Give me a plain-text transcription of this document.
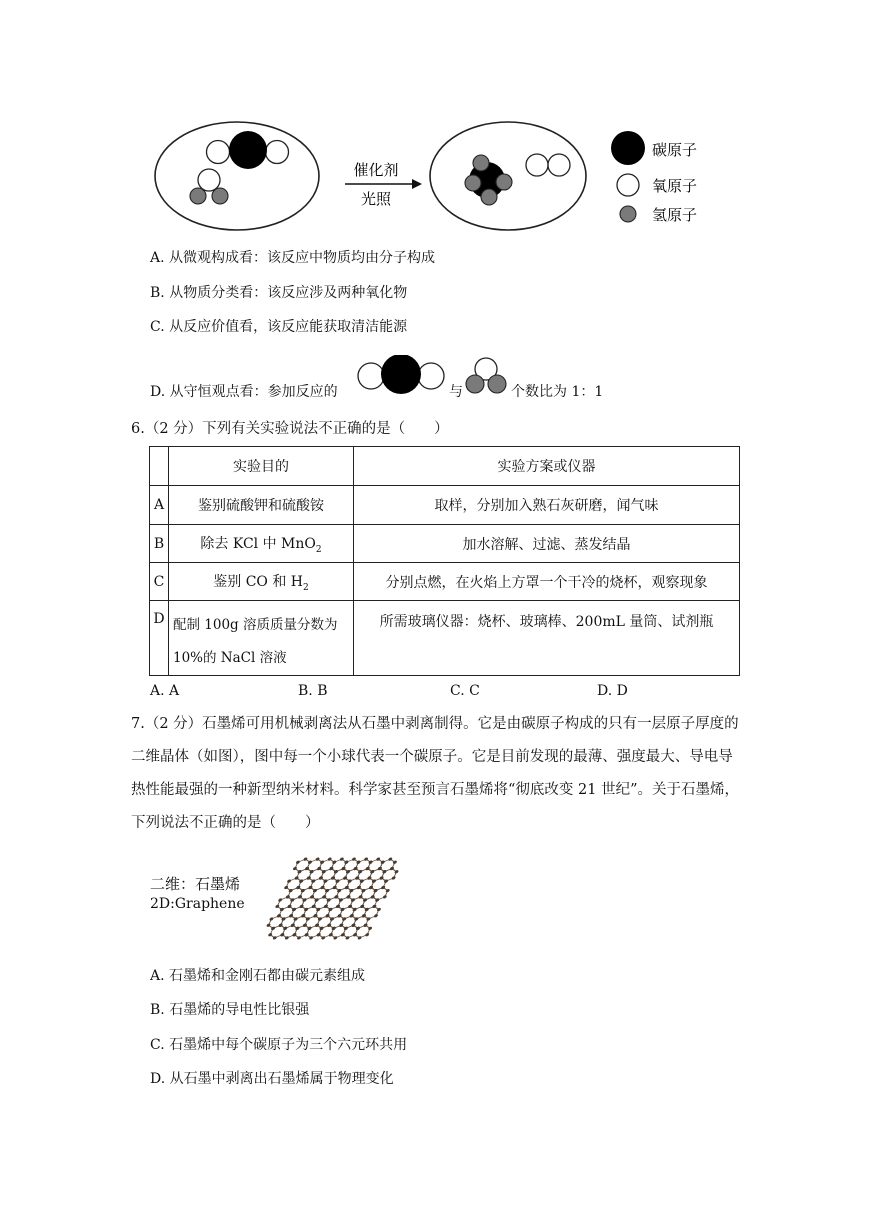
催化剂
光照
碳原子
氧原子
氢原子
A. 从微观构成看：该反应中物质均由分子构成
B. 从物质分类看：该反应涉及两种氧化物
C. 从反应价值看，该反应能获取清洁能源
D. 从守恒观点看：参加反应的	与	个数比为 1：1
6.（2 分）下列有关实验说法不正确的是（　　）
	实验目的	实验方案或仪器
A	鉴别硫酸钾和硫酸铵	取样，分别加入熟石灰研磨，闻气味
B	除去 KCl 中 MnO$_2$	加水溶解、过滤、蒸发结晶
C	鉴别 CO 和 $H_2$	分别点燃，在火焰上方罩一个干冷的烧杯，观察现象
D	配制 100g 溶质质量分数为
10%的 NaCl 溶液	所需玻璃仪器：烧杯、玻璃棒、200mL 量筒、试剂瓶
A. A	B. B	C. C	D. D
7.（2 分）石墨烯可用机械剥离法从石墨中剥离制得。它是由碳原子构成的只有一层原子厚度的二维晶体（如图），图中每一个小球代表一个碳原子。它是目前发现的最薄、强度最大、导电导热性能最强的一种新型纳米材料。科学家甚至预言石墨烯将“彻底改变 21 世纪”。关于石墨烯，下列说法不正确的是（　　）
二维：石墨烯
2D:Graphene
A. 石墨烯和金刚石都由碳元素组成
B. 石墨烯的导电性比银强
C. 石墨烯中每个碳原子为三个六元环共用
D. 从石墨中剥离出石墨烯属于物理变化
